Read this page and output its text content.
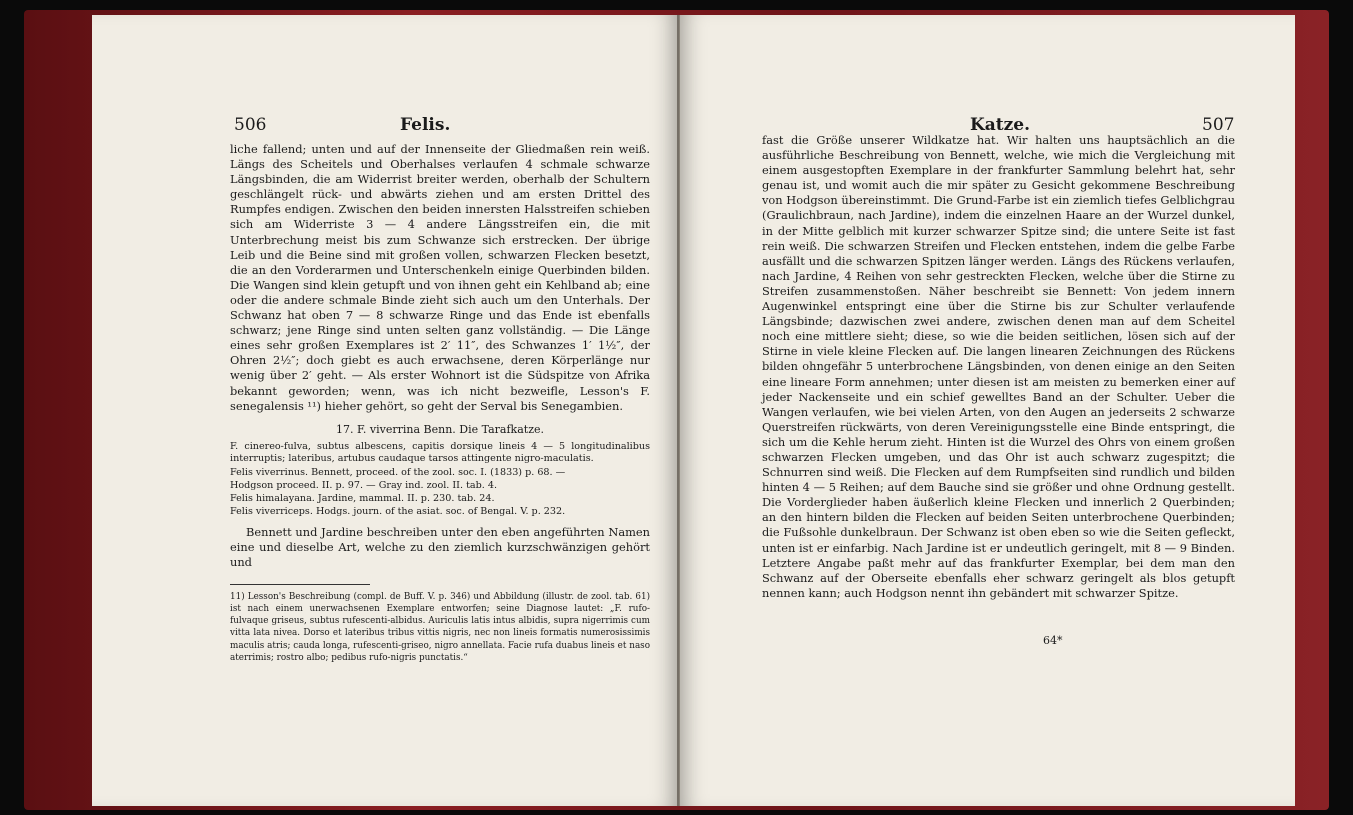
506	Felis.

liche fallend; unten und auf der Innenseite der Gliedmaßen rein weiß. Längs des Scheitels und Oberhalses verlaufen 4 schmale schwarze Längsbinden, die am Widerrist breiter werden, oberhalb der Schultern geschlängelt rück- und abwärts ziehen und am ersten Drittel des Rumpfes endigen. Zwischen den beiden innersten Halsstreifen schieben sich am Widerriste 3 — 4 andere Längsstreifen ein, die mit Unterbrechung meist bis zum Schwanze sich erstrecken. Der übrige Leib und die Beine sind mit großen vollen, schwarzen Flecken besetzt, die an den Vorderarmen und Unterschenkeln einige Querbinden bilden. Die Wangen sind klein getupft und von ihnen geht ein Kehlband ab; eine oder die andere schmale Binde zieht sich auch um den Unterhals. Der Schwanz hat oben 7 — 8 schwarze Ringe und das Ende ist ebenfalls schwarz; jene Ringe sind unten selten ganz vollständig. — Die Länge eines sehr großen Exemplares ist 2′ 11″, des Schwanzes 1′ 1½″, der Ohren 2½″; doch giebt es auch erwachsene, deren Körperlänge nur wenig über 2′ geht. — Als erster Wohnort ist die Südspitze von Afrika bekannt geworden; wenn, was ich nicht bezweifle, Lesson's F. senegalensis ¹¹) hieher gehört, so geht der Serval bis Senegambien.

17. F. viverrina Benn. Die Tarafkatze.

F. cinereo-fulva, subtus albescens, capitis dorsique lineis 4 — 5 longitudinalibus interruptis; lateribus, artubus caudaque tarsos attingente nigro-maculatis.

Felis viverrinus. Bennett, proceed. of the zool. soc. I. (1833) p. 68. —

Hodgson proceed. II. p. 97. — Gray ind. zool. II. tab. 4.

Felis himalayana. Jardine, mammal. II. p. 230. tab. 24.

Felis viverriceps. Hodgs. journ. of the asiat. soc. of Bengal. V. p. 232.

Bennett und Jardine beschreiben unter den eben angeführten Namen eine und dieselbe Art, welche zu den ziemlich kurzschwänzigen gehört und

11) Lesson's Beschreibung (compl. de Buff. V. p. 346) und Abbildung (illustr. de zool. tab. 61) ist nach einem unerwachsenen Exemplare entworfen; seine Diagnose lautet: „F. rufo-fulvaque griseus, subtus rufescenti-albidus. Auriculis latis intus albidis, supra nigerrimis cum vitta lata nivea. Dorso et lateribus tribus vittis nigris, nec non lineis formatis numerosissimis maculis atris; cauda longa, rufescenti-griseo, nigro annellata. Facie rufa duabus lineis et naso aterrimis; rostro albo; pedibus rufo-nigris punctatis.“

Katze.	507

fast die Größe unserer Wildkatze hat. Wir halten uns hauptsächlich an die ausführliche Beschreibung von Bennett, welche, wie mich die Vergleichung mit einem ausgestopften Exemplare in der frankfurter Sammlung belehrt hat, sehr genau ist, und womit auch die mir später zu Gesicht gekommene Beschreibung von Hodgson übereinstimmt. Die Grund-Farbe ist ein ziemlich tiefes Gelblichgrau (Graulichbraun, nach Jardine), indem die einzelnen Haare an der Wurzel dunkel, in der Mitte gelblich mit kurzer schwarzer Spitze sind; die untere Seite ist fast rein weiß. Die schwarzen Streifen und Flecken entstehen, indem die gelbe Farbe ausfällt und die schwarzen Spitzen länger werden. Längs des Rückens verlaufen, nach Jardine, 4 Reihen von sehr gestreckten Flecken, welche über die Stirne zu Streifen zusammenstoßen. Näher beschreibt sie Bennett: Von jedem innern Augenwinkel entspringt eine über die Stirne bis zur Schulter verlaufende Längsbinde; dazwischen zwei andere, zwischen denen man auf dem Scheitel noch eine mittlere sieht; diese, so wie die beiden seitlichen, lösen sich auf der Stirne in viele kleine Flecken auf. Die langen linearen Zeichnungen des Rückens bilden ohngefähr 5 unterbrochene Längsbinden, von denen einige an den Seiten eine lineare Form annehmen; unter diesen ist am meisten zu bemerken einer auf jeder Nackenseite und ein schief gewelltes Band an der Schulter. Ueber die Wangen verlaufen, wie bei vielen Arten, von den Augen an jederseits 2 schwarze Querstreifen rückwärts, von deren Vereinigungsstelle eine Binde entspringt, die sich um die Kehle herum zieht. Hinten ist die Wurzel des Ohrs von einem großen schwarzen Flecken umgeben, und das Ohr ist auch schwarz zugespitzt; die Schnurren sind weiß. Die Flecken auf dem Rumpfseiten sind rundlich und bilden hinten 4 — 5 Reihen; auf dem Bauche sind sie größer und ohne Ordnung gestellt. Die Vorderglieder haben äußerlich kleine Flecken und innerlich 2 Querbinden; an den hintern bilden die Flecken auf beiden Seiten unterbrochene Querbinden; die Fußsohle dunkelbraun. Der Schwanz ist oben eben so wie die Seiten gefleckt, unten ist er einfarbig. Nach Jardine ist er undeutlich geringelt, mit 8 — 9 Binden. Letztere Angabe paßt mehr auf das frankfurter Exemplar, bei dem man den Schwanz auf der Oberseite ebenfalls eher schwarz geringelt als blos getupft nennen kann; auch Hodgson nennt ihn gebändert mit schwarzer Spitze.

64*
